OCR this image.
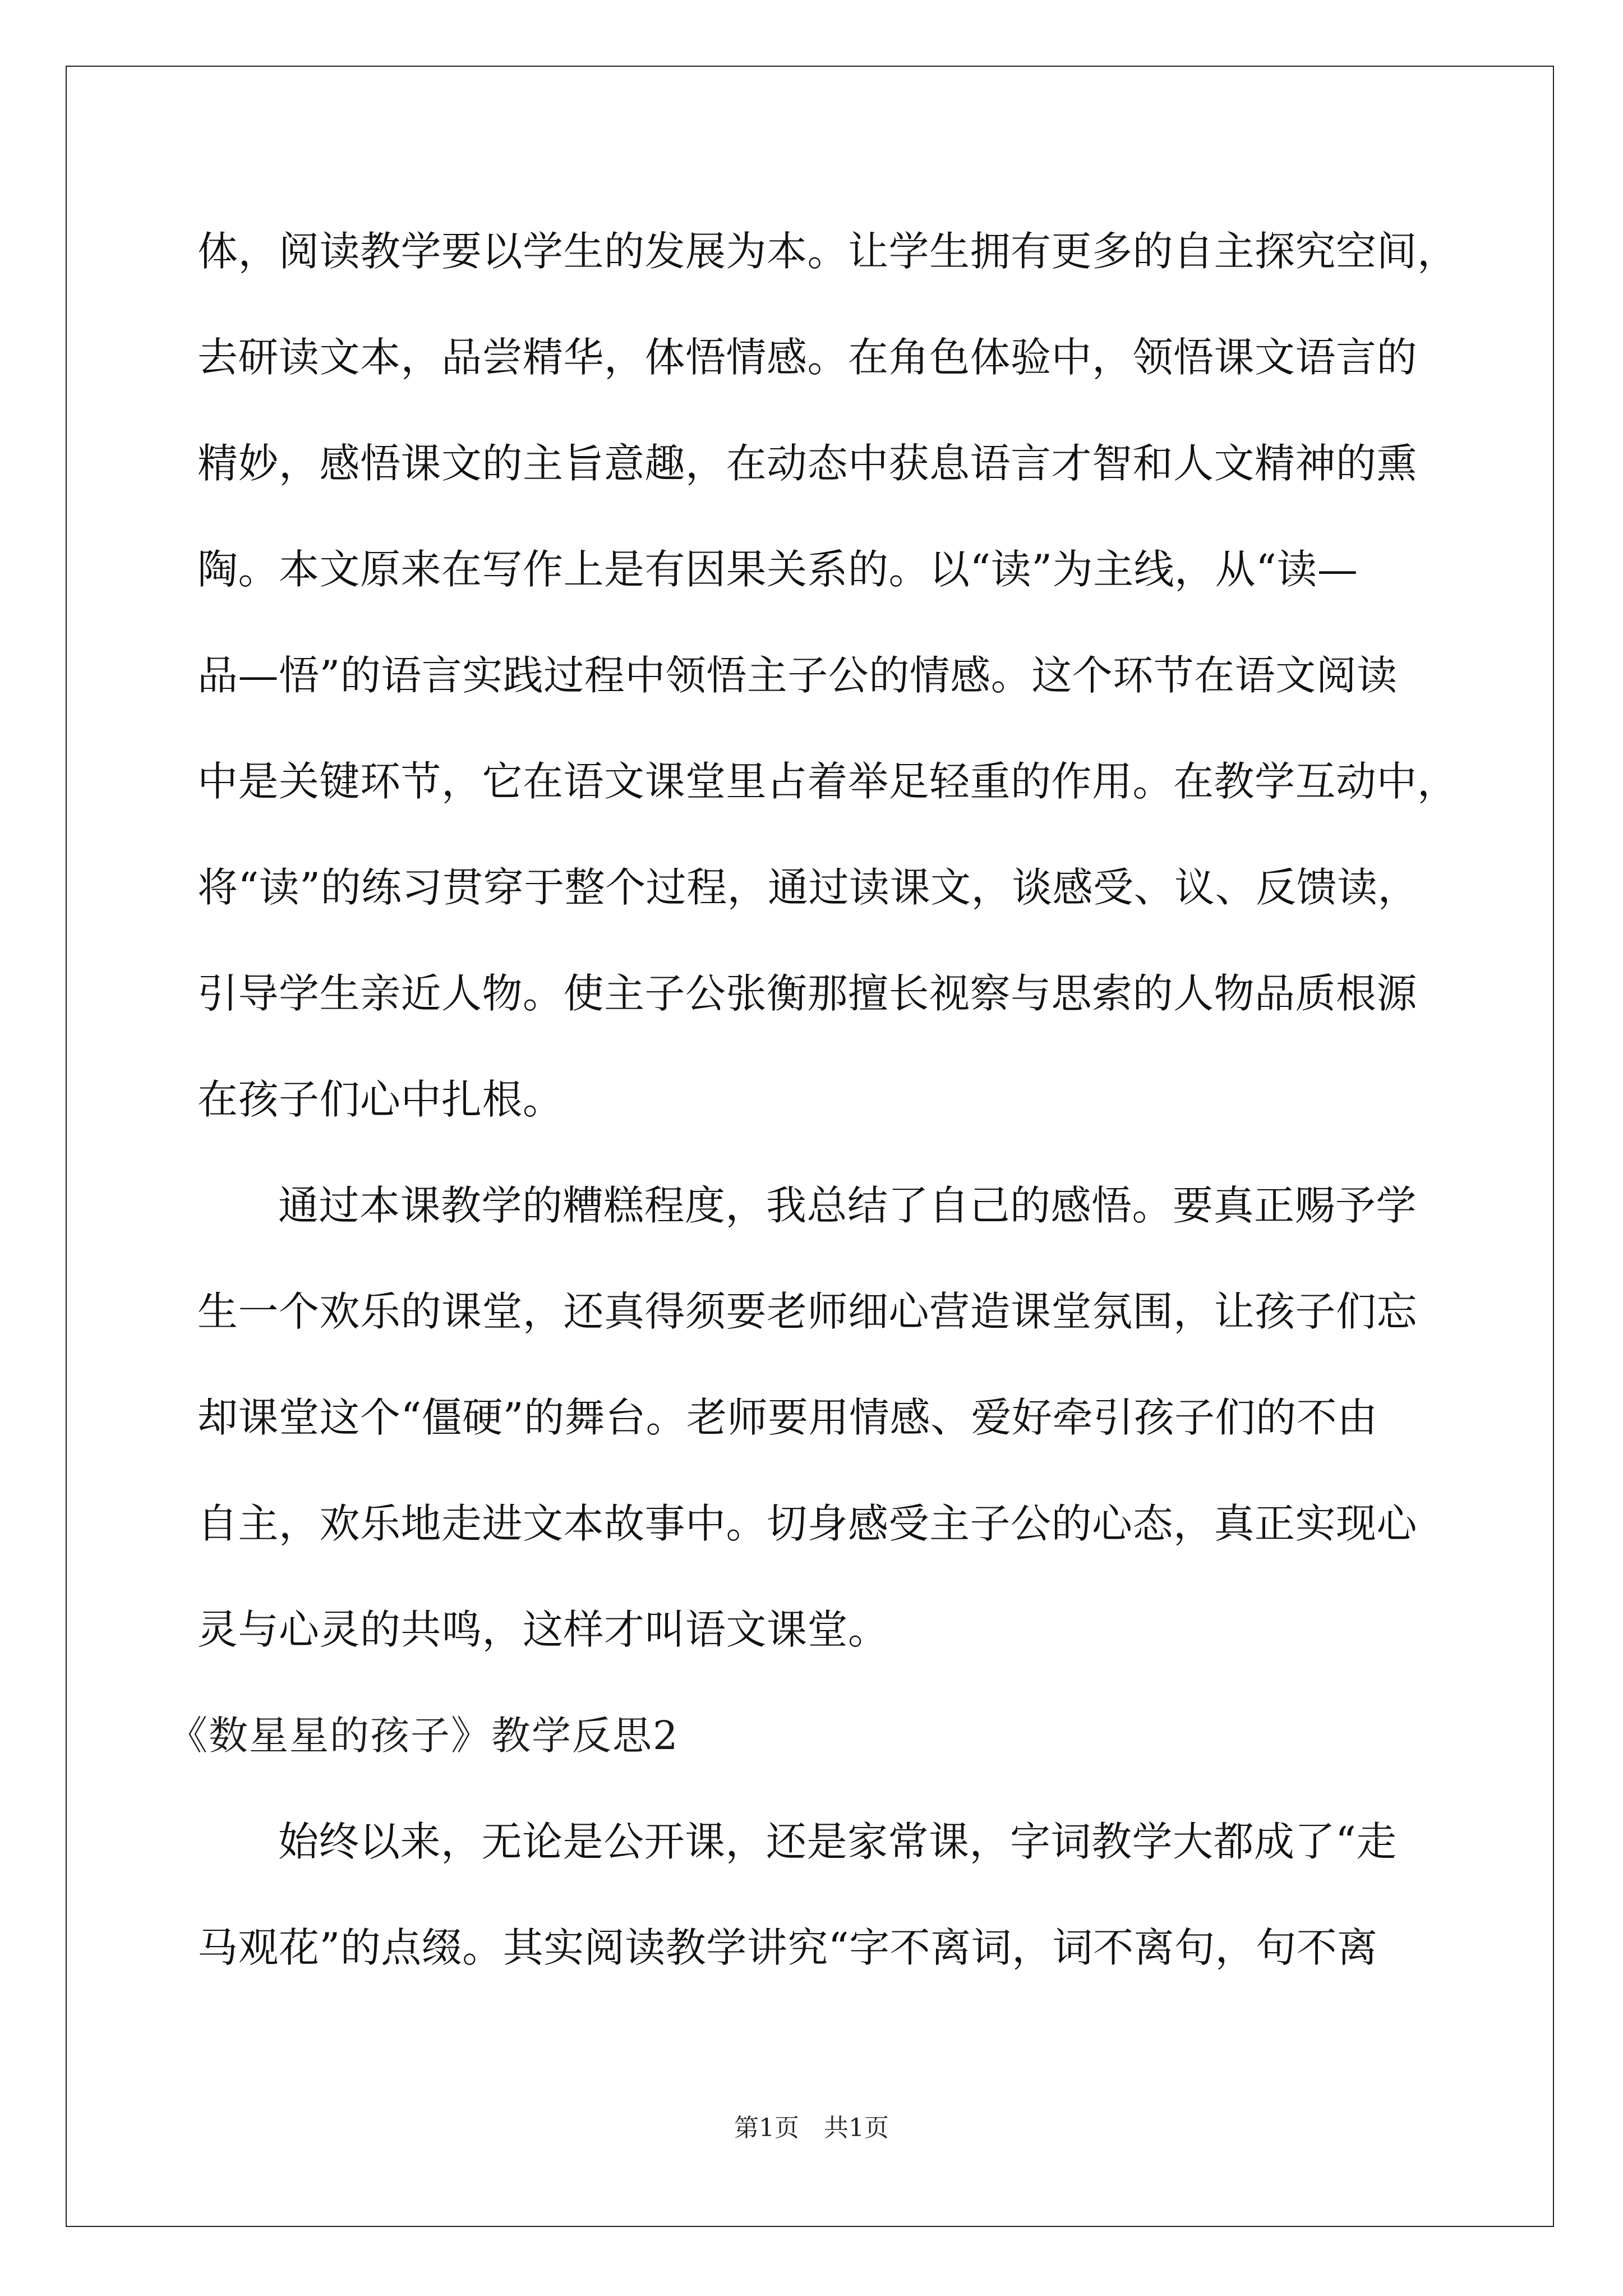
体，阅读教学要以学生的发展为本。让学生拥有更多的自主探究空间，
去研读文本，品尝精华，体悟情感。在角色体验中，领悟课文语言的
精妙，感悟课文的主旨意趣，在动态中获息语言才智和人文精神的熏
陶。本文原来在写作上是有因果关系的。以“读”为主线，从“读—
品—悟”的语言实践过程中领悟主子公的情感。这个环节在语文阅读
中是关键环节，它在语文课堂里占着举足轻重的作用。在教学互动中，
将“读”的练习贯穿于整个过程，通过读课文，谈感受、议、反馈读，
引导学生亲近人物。使主子公张衡那擅长视察与思索的人物品质根源
在孩子们心中扎根。
通过本课教学的糟糕程度，我总结了自己的感悟。要真正赐予学
生一个欢乐的课堂，还真得须要老师细心营造课堂氛围，让孩子们忘
却课堂这个“僵硬”的舞台。老师要用情感、爱好牵引孩子们的不由
自主，欢乐地走进文本故事中。切身感受主子公的心态，真正实现心
灵与心灵的共鸣，这样才叫语文课堂。
《数星星的孩子》教学反思2
始终以来，无论是公开课，还是家常课，字词教学大都成了“走
马观花”的点缀。其实阅读教学讲究“字不离词，词不离句，句不离
第1页　共1页
